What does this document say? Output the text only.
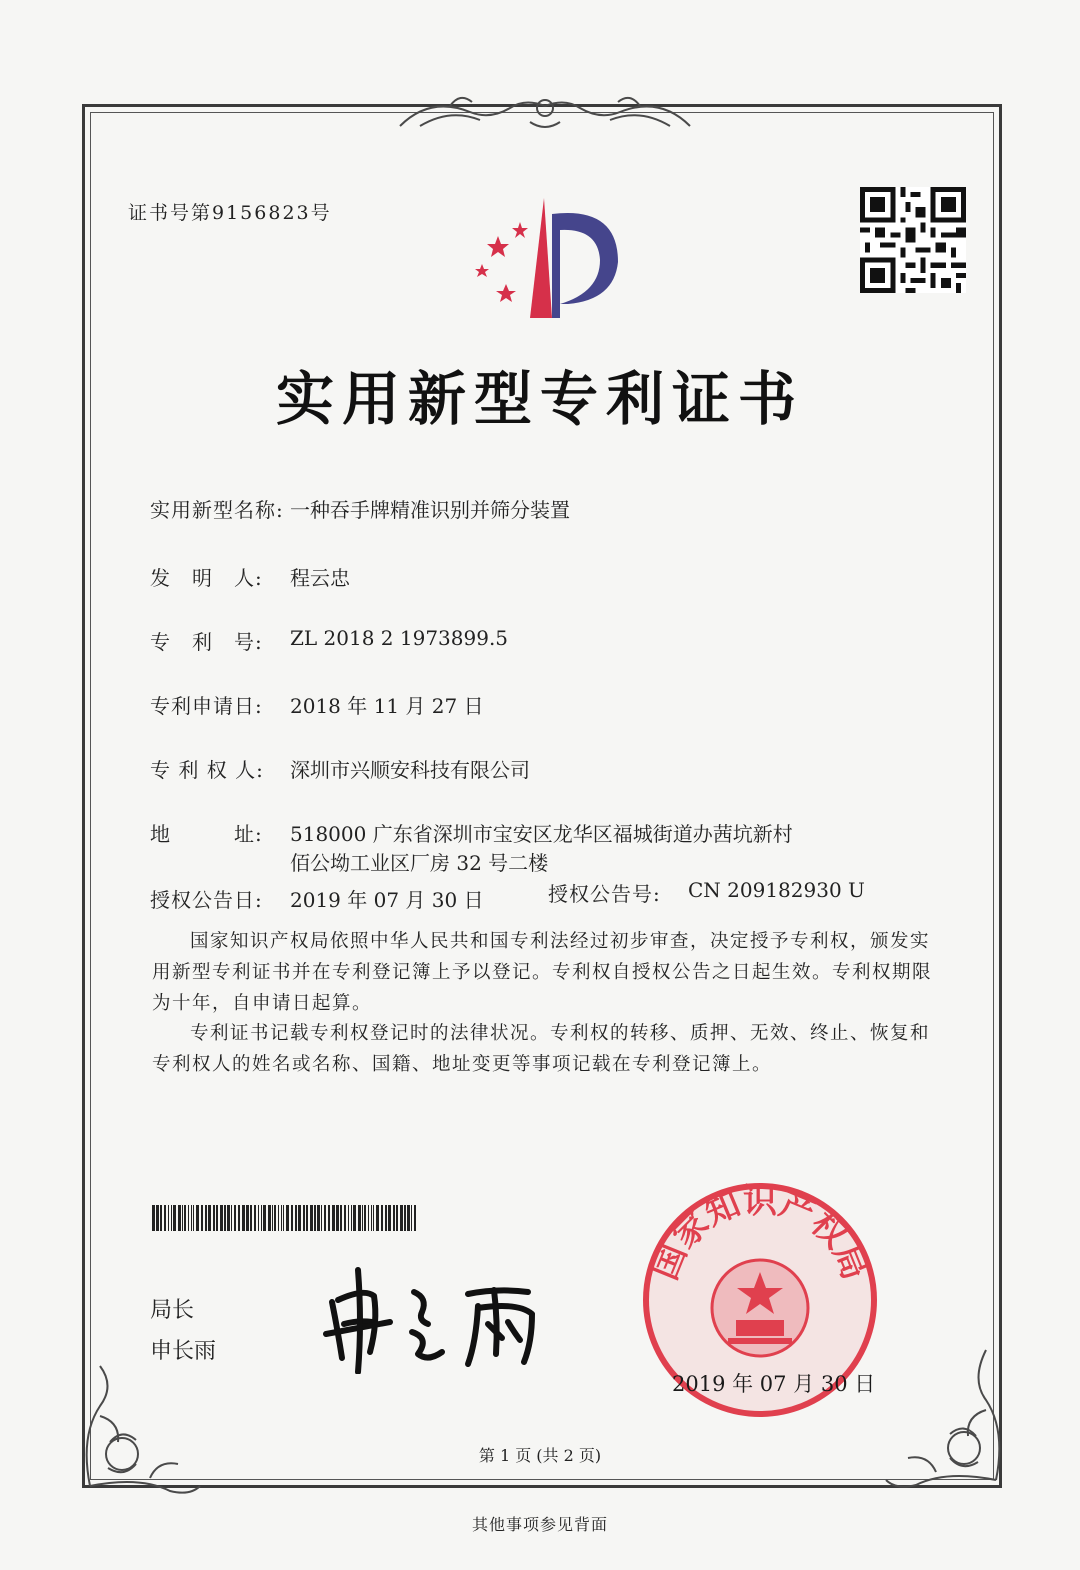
证书号第9156823号
实用新型专利证书
实用新型名称: 一种吞手牌精准识别并筛分装置
发　明　人: 程云忠
专　利　号: ZL 2018 2 1973899.5
专利申请日: 2018 年 11 月 27 日
专 利 权 人: 深圳市兴顺安科技有限公司
地　　　址: 518000 广东省深圳市宝安区龙华区福城街道办茜坑新村
佰公坳工业区厂房 32 号二楼
授权公告日: 2019 年 07 月 30 日	授权公告号: CN 209182930 U
国家知识产权局依照中华人民共和国专利法经过初步审查，决定授予专利权，颁发实用新型专利证书并在专利登记簿上予以登记。专利权自授权公告之日起生效。专利权期限为十年，自申请日起算。
专利证书记载专利权登记时的法律状况。专利权的转移、质押、无效、终止、恢复和专利权人的姓名或名称、国籍、地址变更等事项记载在专利登记簿上。
局长
申长雨
国家知识产权局
2019 年 07 月 30 日
第 1 页 (共 2 页)
其他事项参见背面
